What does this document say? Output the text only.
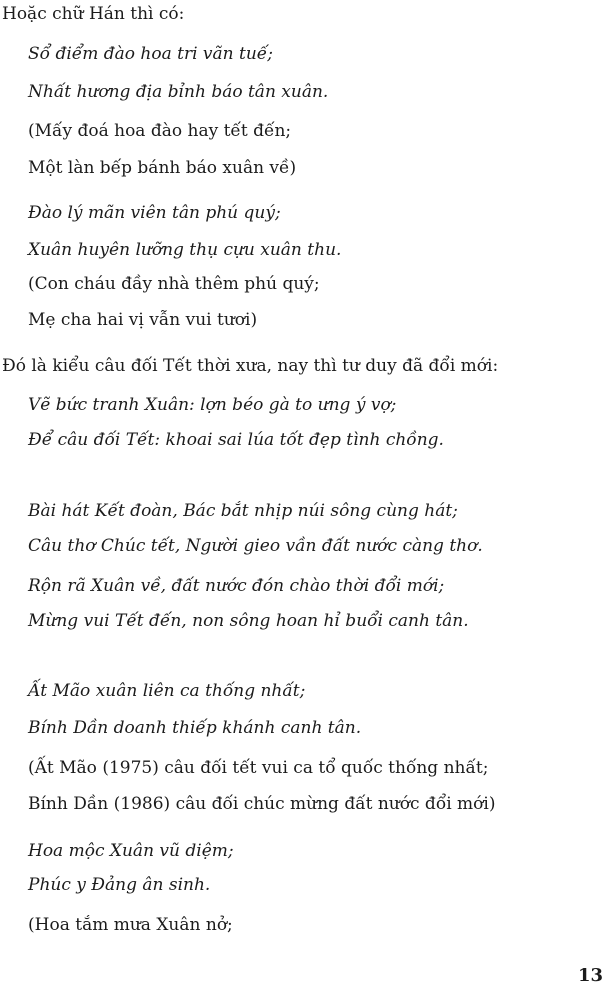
Hoặc chữ Hán thì có:

Sổ điểm đào hoa tri vãn tuế;

Nhất hương địa bỉnh báo tân xuân.

(Mấy đoá hoa đào hay tết đến;

Một làn bếp bánh báo xuân về)

Đào lý mãn viên tân phú quý;

Xuân huyên lưỡng thụ cựu xuân thu.

(Con cháu đầy nhà thêm phú quý;

Mẹ cha hai vị vẫn vui tươi)

Đó là kiểu câu đối Tết thời xưa, nay thì tư duy đã đổi mới:

Vẽ bức tranh Xuân: lợn béo gà to ưng ý vợ;

Để câu đối Tết: khoai sai lúa tốt đẹp tình chồng.

Bài hát Kết đoàn, Bác bắt nhịp núi sông cùng hát;

Câu thơ Chúc tết, Người gieo vần đất nước càng thơ.

Rộn rã Xuân về, đất nước đón chào thời đổi mới;

Mừng vui Tết đến, non sông hoan hỉ buổi canh tân.

Ất Mão xuân liên ca thống nhất;

Bính Dần doanh thiếp khánh canh tân.

(Ất Mão (1975) câu đối tết vui ca tổ quốc thống nhất;

Bính Dần (1986) câu đối chúc mừng đất nước đổi mới)

Hoa mộc Xuân vũ diệm;

Phúc y Đảng ân sinh.

(Hoa tắm mưa Xuân nở;

13
